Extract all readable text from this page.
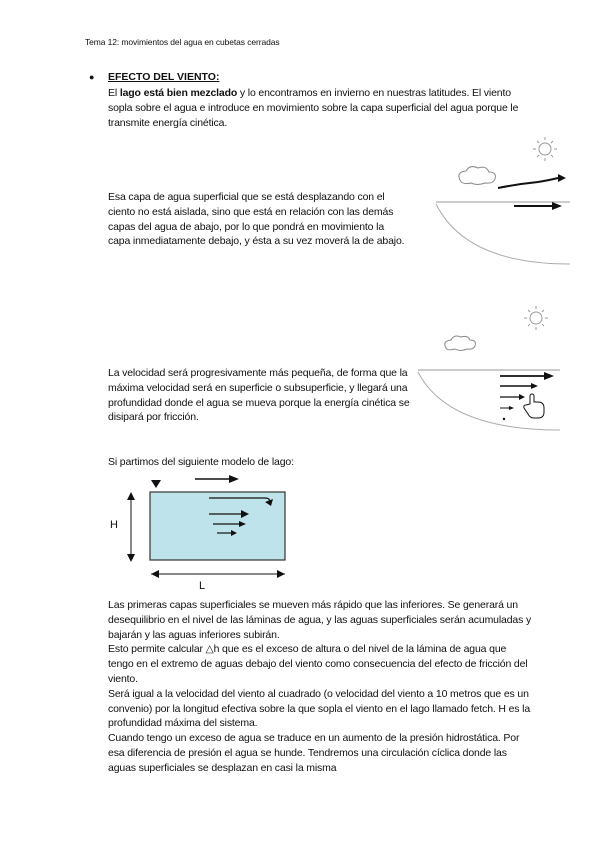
Tema 12: movimientos del agua en cubetas cerradas
● EFECTO DEL VIENTO:
El lago está bien mezclado y lo encontramos en invierno en nuestras latitudes. El viento sopla sobre el agua e introduce en movimiento sobre la capa superficial del agua porque le transmite energía cinética.
Esa capa de agua superficial que se está desplazando con el ciento no está aislada, sino que está en relación con las demás capas del agua de abajo, por lo que pondrá en movimiento la capa inmediatamente debajo, y ésta a su vez moverá la de abajo.
La velocidad será progresivamente más pequeña, de forma que la máxima velocidad será en superficie o subsuperficie, y llegará una profundidad donde el agua se mueva porque la energía cinética se disipará por fricción.
Si partimos del siguiente modelo de lago:
H
L
Las primeras capas superficiales se mueven más rápido que las inferiores. Se generará un desequilibrio en el nivel de las láminas de agua, y las aguas superficiales serán acumuladas y bajarán y las aguas inferiores subirán.
Esto permite calcular △h que es el exceso de altura o del nivel de la lámina de agua que tengo en el extremo de aguas debajo del viento como consecuencia del efecto de fricción del viento.
Será igual a la velocidad del viento al cuadrado (o velocidad del viento a 10 metros que es un convenio) por la longitud efectiva sobre la que sopla el viento en el lago llamado fetch. H es la profundidad máxima del sistema.
Cuando tengo un exceso de agua se traduce en un aumento de la presión hidrostática. Por esa diferencia de presión el agua se hunde. Tendremos una circulación cíclica donde las aguas superficiales se desplazan en casi la misma
